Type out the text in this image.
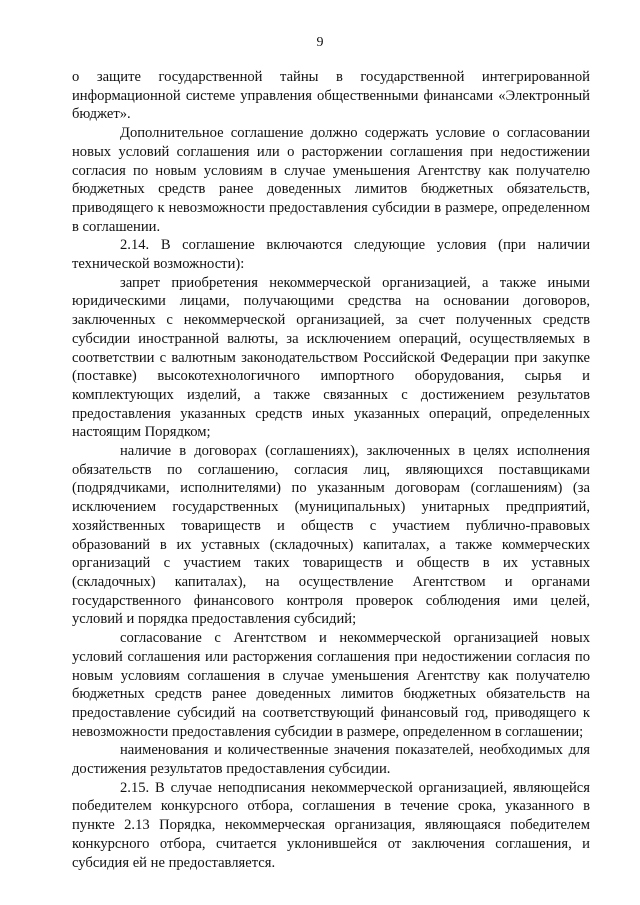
9

о защите государственной тайны в государственной интегрированной информационной системе управления общественными финансами «Электронный бюджет».

Дополнительное соглашение должно содержать условие о согласовании новых условий соглашения или о расторжении соглашения при недостижении согласия по новым условиям в случае уменьшения Агентству как получателю бюджетных средств ранее доведенных лимитов бюджетных обязательств, приводящего к невозможности предоставления субсидии в размере, определенном в соглашении.

2.14. В соглашение включаются следующие условия (при наличии технической возможности):

запрет приобретения некоммерческой организацией, а также иными юридическими лицами, получающими средства на основании договоров, заключенных с некоммерческой организацией, за счет полученных средств субсидии иностранной валюты, за исключением операций, осуществляемых в соответствии с валютным законодательством Российской Федерации при закупке (поставке) высокотехнологичного импортного оборудования, сырья и комплектующих изделий, а также связанных с достижением результатов предоставления указанных средств иных указанных операций, определенных настоящим Порядком;

наличие в договорах (соглашениях), заключенных в целях исполнения обязательств по соглашению, согласия лиц, являющихся поставщиками (подрядчиками, исполнителями) по указанным договорам (соглашениям) (за исключением государственных (муниципальных) унитарных предприятий, хозяйственных товариществ и обществ с участием публично-правовых образований в их уставных (складочных) капиталах, а также коммерческих организаций с участием таких товариществ и обществ в их уставных (складочных) капиталах), на осуществление Агентством и органами государственного финансового контроля проверок соблюдения ими целей, условий и порядка предоставления субсидий;

согласование с Агентством и некоммерческой организацией новых условий соглашения или расторжения соглашения при недостижении согласия по новым условиям соглашения в случае уменьшения Агентству как получателю бюджетных средств ранее доведенных лимитов бюджетных обязательств на предоставление субсидий на соответствующий финансовый год, приводящего к невозможности предоставления субсидии в размере, определенном в соглашении;

наименования и количественные значения показателей, необходимых для достижения результатов предоставления субсидии.

2.15. В случае неподписания некоммерческой организацией, являющейся победителем конкурсного отбора, соглашения в течение срока, указанного в пункте 2.13 Порядка, некоммерческая организация, являющаяся победителем конкурсного отбора, считается уклонившейся от заключения соглашения, и субсидия ей не предоставляется.
